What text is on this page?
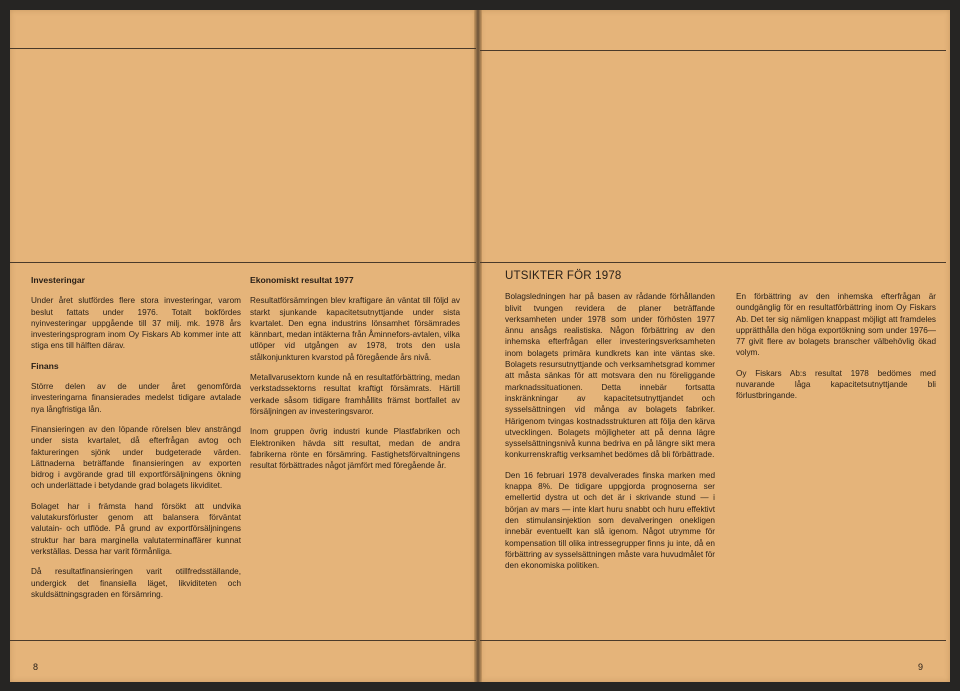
Investeringar

Under året slutfördes flere stora investeringar, varom beslut fattats under 1976. Totalt bokfördes nyinvesteringar uppgående till 37 milj. mk. 1978 års investeringsprogram inom Oy Fiskars Ab kommer inte att stiga ens till hälften därav.

Finans

Större delen av de under året genomförda investeringarna finansierades medelst tidigare avtalade nya långfristiga lån.

Finansieringen av den löpande rörelsen blev ansträngd under sista kvartalet, då efterfrågan avtog och faktureringen sjönk under budgeterade värden. Lättnaderna beträffande finansieringen av exporten bidrog i avgörande grad till exportförsäljningens ökning och underlättade i betydande grad bolagets likviditet.

Bolaget har i främsta hand försökt att undvika valutakursförluster genom att balansera förväntat valutain- och utflöde. På grund av exportförsäljningens struktur har bara marginella valutaterminaffärer kunnat verkställas. Dessa har varit förmånliga.

Då resultatfinansieringen varit otillfredsställande, undergick det finansiella läget, likviditeten och skuldsättningsgraden en försämring.

Ekonomiskt resultat 1977

Resultatförsämringen blev kraftigare än väntat till följd av starkt sjunkande kapacitetsutnyttjande under sista kvartalet. Den egna industrins lönsamhet försämrades kännbart, medan intäkterna från Åminnefors-avtalen, vilka utlöper vid utgången av 1978, trots den usla stålkonjunkturen kvarstod på föregående års nivå.

Metallvarusektorn kunde nå en resultatförbättring, medan verkstadssektorns resultat kraftigt försämrats. Härtill verkade såsom tidigare framhållits främst bortfallet av försäljningen av investeringsvaror.

Inom gruppen övrig industri kunde Plastfabriken och Elektroniken hävda sitt resultat, medan de andra fabrikerna rönte en försämring. Fastighetsförvaltningens resultat förbättrades något jämfört med föregående år.

UTSIKTER FÖR 1978

Bolagsledningen har på basen av rådande förhållanden blivit tvungen revidera de planer beträffande verksamheten under 1978 som under förhösten 1977 ännu ansågs realistiska. Någon förbättring av den inhemska efterfrågan eller investeringsverksamheten inom bolagets primära kundkrets kan inte väntas ske. Bolagets resursutnyttjande och verksamhetsgrad kommer att måsta sänkas för att motsvara den nu föreliggande marknadssituationen. Detta innebär fortsatta inskränkningar av kapacitetsutnyttjandet och sysselsättningen vid många av bolagets fabriker. Härigenom tvingas kostnadsstrukturen att följa den kärva utvecklingen. Bolagets möjligheter att på denna lägre sysselsättningsnivå kunna bedriva en på längre sikt mera konkurrenskraftig verksamhet bedömes då bli förbättrade.

Den 16 februari 1978 devalverades finska marken med knappa 8%. De tidigare uppgjorda prognoserna ser emellertid dystra ut och det är i skrivande stund — i början av mars — inte klart huru snabbt och huru effektivt den stimulansinjektion som devalveringen onekligen innebär eventuellt kan slå igenom. Något utrymme för kompensation till olika intressegrupper finns ju inte, då en förbättring av sysselsättningen måste vara huvudmålet för den ekonomiska politiken.

En förbättring av den inhemska efterfrågan är oundgänglig för en resultatförbättring inom Oy Fiskars Ab. Det ter sig nämligen knappast möjligt att framdeles upprätthålla den höga exportökning som under 1976—77 givit flere av bolagets branscher välbehövlig ökad volym.

Oy Fiskars Ab:s resultat 1978 bedömes med nuvarande låga kapacitetsutnyttjande bli förlustbringande.

8	9
